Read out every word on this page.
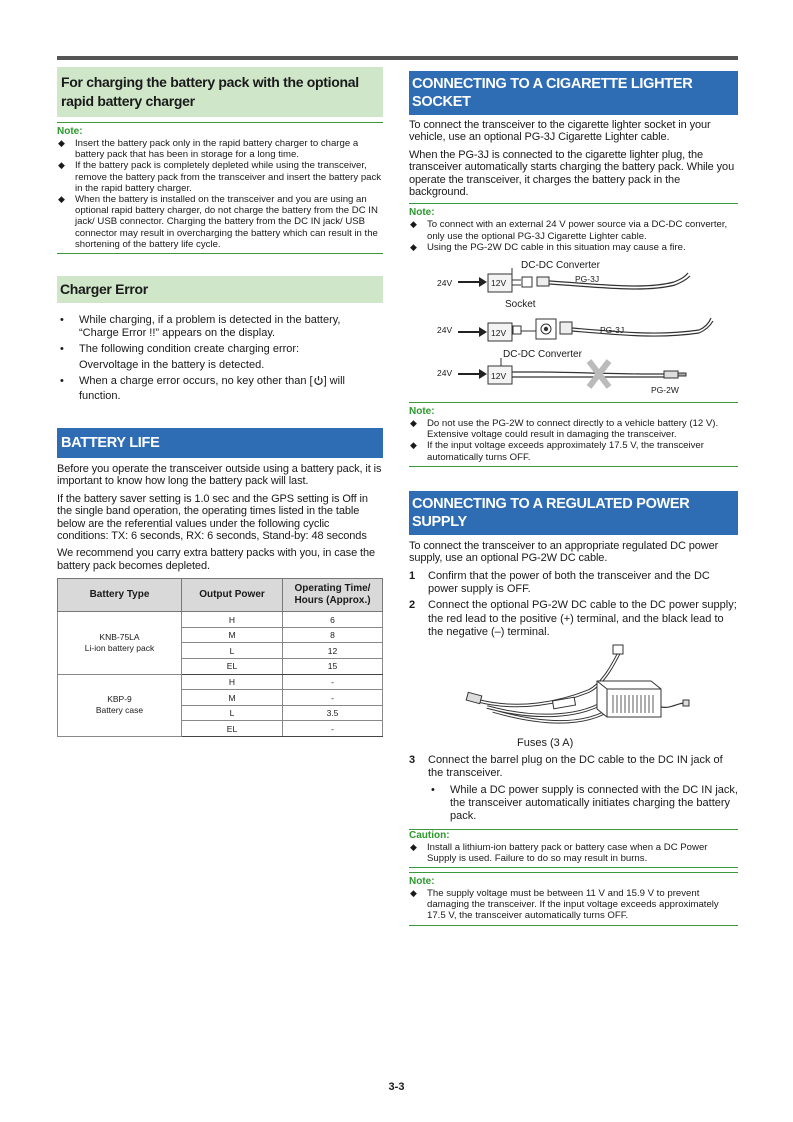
For charging the battery pack with the optional rapid battery charger
Note:
◆	Insert the battery pack only in the rapid battery charger to charge a battery pack that has been in storage for a long time.
◆	If the battery pack is completely depleted while using the transceiver, remove the battery pack from the transceiver and insert the battery pack in the rapid battery charger.
◆	When the battery is installed on the transceiver and you are using an optional rapid battery charger, do not charge the battery from the DC IN jack/ USB connector. Charging the battery from the DC IN jack/ USB connector may result in overcharging the battery which can result in the shortening of the battery life cycle.
Charger Error
•	While charging, if a problem is detected in the battery, “Charge Error !!” appears on the display.
•	The following condition create charging error:
Overvoltage in the battery is detected.
•	When a charge error occurs, no key other than [ ] will function.
BATTERY LIFE

Before you operate the transceiver outside using a battery pack, it is important to know how long the battery pack will last.

If the battery saver setting is 1.0 sec and the GPS setting is Off in the single band operation, the operating times listed in the table below are the referential values under the following cyclic conditions: TX: 6 seconds, RX: 6 seconds, Stand-by: 48 seconds

We recommend you carry extra battery packs with you, in case the battery pack becomes depleted.

Battery Type	Output Power	Operating Time/ Hours (Approx.)
KNB-75LA
Li-ion battery pack	H	6
	M	8
	L	12
	EL	15
KBP-9
Battery case	H	-
	M	-
	L	3.5
	EL	-
CONNECTING TO A CIGARETTE LIGHTER SOCKET

To connect the transceiver to the cigarette lighter socket in your vehicle, use an optional PG-3J Cigarette Lighter cable.

When the PG-3J is connected to the cigarette lighter plug, the transceiver automatically starts charging the battery pack. While you operate the transceiver, it charges the battery pack in the background.

Note:
◆	To connect with an external 24 V power source via a DC-DC converter, only use the optional PG-3J Cigarette Lighter cable.
◆	Using the PG-2W DC cable in this situation may cause a fire.
24V	12V
DC-DC Converter
PG-3J
Socket
24V	12V	PG-3J
DC-DC Converter
24V	12V
PG-2W
Note:
◆	Do not use the PG-2W to connect directly to a vehicle battery (12 V). Extensive voltage could result in damaging the transceiver.
◆	If the input voltage exceeds approximately 17.5 V, the transceiver automatically turns OFF.
CONNECTING TO A REGULATED POWER SUPPLY

To connect the transceiver to an appropriate regulated DC power supply, use an optional PG-2W DC cable.

1	Confirm that the power of both the transceiver and the DC power supply is OFF.
2	Connect the optional PG-2W DC cable to the DC power supply; the red lead to the positive (+) terminal, and the black lead to the negative (–) terminal.
Fuses (3 A)
3	Connect the barrel plug on the DC cable to the DC IN jack of the transceiver.
•	While a DC power supply is connected with the DC IN jack, the transceiver automatically initiates charging the battery pack.
Caution:
◆	Install a lithium-ion battery pack or battery case when a DC Power Supply is used. Failure to do so may result in burns.
Note:
◆	The supply voltage must be between 11 V and 15.9 V to prevent damaging the transceiver. If the input voltage exceeds approximately 17.5 V, the transceiver automatically turns OFF.
3-3
